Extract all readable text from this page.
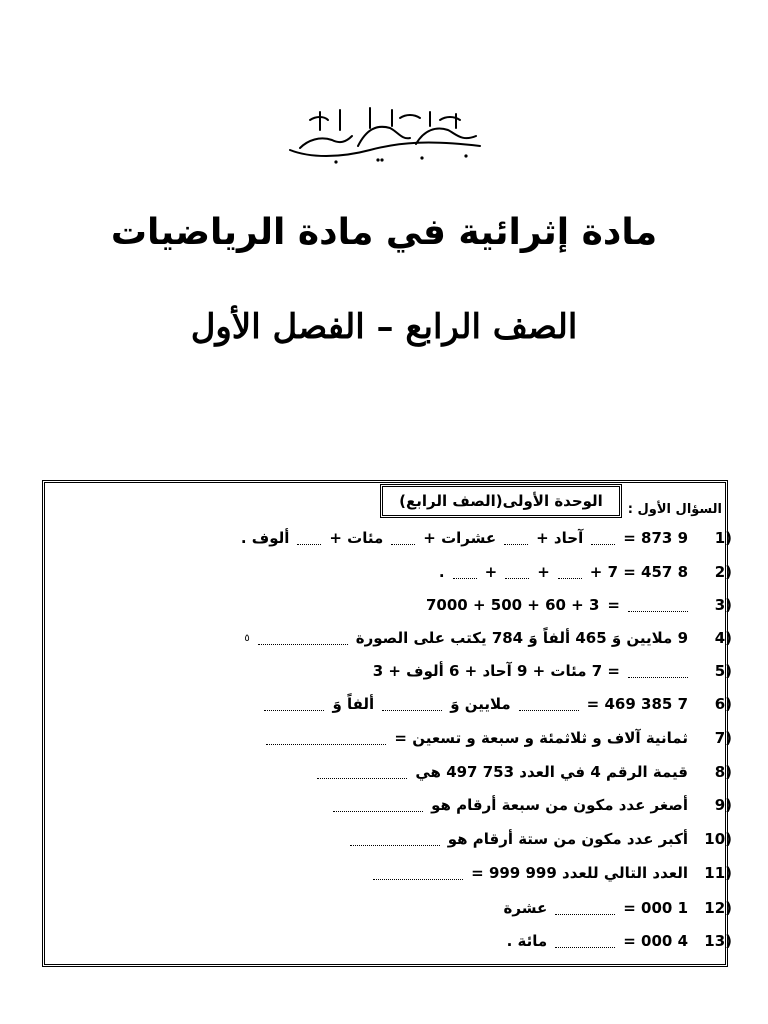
مادة إثرائية في مادة الرياضيات
الصف الرابع – الفصل الأول
الوحدة الأولى(الصف الرابع)	السؤال الأول :
1)
9 873 =
آحاد +
عشرات +
مئات +
ألوف .
2)
8 457 = 7 +
+
+
.
3)
=
7000 + 500 + 60 + 3
4)
9 ملايين وَ 465 ألفاً وَ 784 يكتب على الصورة
٥
5)
= 7 مئات + 9 آحاد + 6 ألوف + 3
6)
7 385 469 =
ملايين وَ
ألفاً وَ
7)
ثمانية آلاف و ثلاثمئة و سبعة و تسعين =
8)
قيمة الرقم 4 في العدد 753 497 هي
9)
أصغر عدد مكون من سبعة أرقام هو
10)
أكبر عدد مكون من ستة أرقام هو
11)
العدد التالي للعدد 999 999 =
12)
1 000 =
عشرة
13)
4 000 =
مائة .
